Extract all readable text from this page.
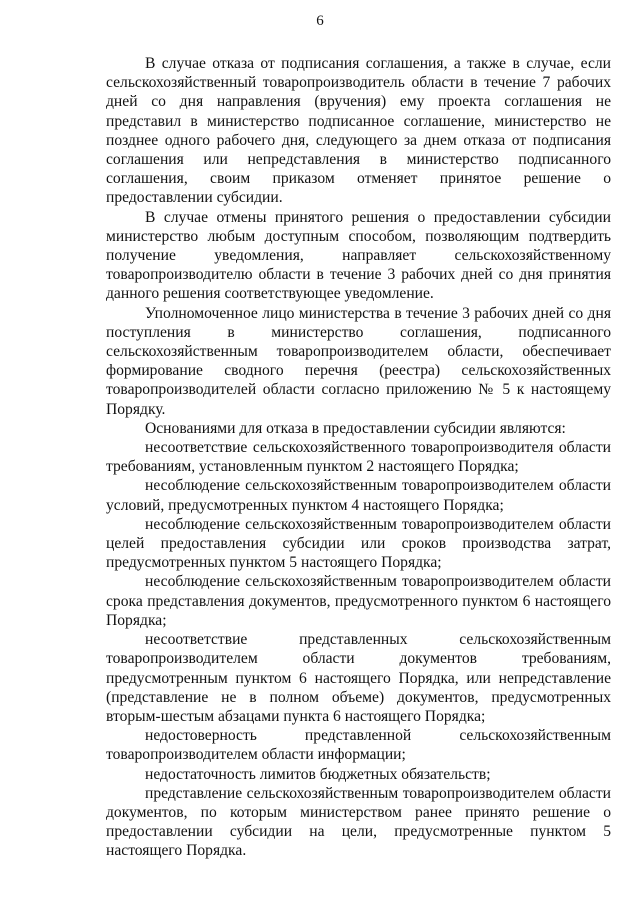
6

В случае отказа от подписания соглашения, а также в случае, если сельскохозяйственный товаропроизводитель области в течение 7 рабочих дней со дня направления (вручения) ему проекта соглашения не представил в министерство подписанное соглашение, министерство не позднее одного рабочего дня, следующего за днем отказа от подписания соглашения или непредставления в министерство подписанного соглашения, своим приказом отменяет принятое решение о предоставлении субсидии.

В случае отмены принятого решения о предоставлении субсидии министерство любым доступным способом, позволяющим подтвердить получение уведомления, направляет сельскохозяйственному товаропроизводителю области в течение 3 рабочих дней со дня принятия данного решения соответствующее уведомление.

Уполномоченное лицо министерства в течение 3 рабочих дней со дня поступления в министерство соглашения, подписанного сельскохозяйственным товаропроизводителем области, обеспечивает формирование сводного перечня (реестра) сельскохозяйственных товаропроизводителей области согласно приложению № 5 к настоящему Порядку.

Основаниями для отказа в предоставлении субсидии являются:

несоответствие сельскохозяйственного товаропроизводителя области требованиям, установленным пунктом 2 настоящего Порядка;

несоблюдение сельскохозяйственным товаропроизводителем области условий, предусмотренных пунктом 4 настоящего Порядка;

несоблюдение сельскохозяйственным товаропроизводителем области целей предоставления субсидии или сроков производства затрат, предусмотренных пунктом 5 настоящего Порядка;

несоблюдение сельскохозяйственным товаропроизводителем области срока представления документов, предусмотренного пунктом 6 настоящего Порядка;

несоответствие представленных сельскохозяйственным товаропроизводителем области документов требованиям, предусмотренным пунктом 6 настоящего Порядка, или непредставление (представление не в полном объеме) документов, предусмотренных вторым-шестым абзацами пункта 6 настоящего Порядка;

недостоверность представленной сельскохозяйственным товаропроизводителем области информации;

недостаточность лимитов бюджетных обязательств;

представление сельскохозяйственным товаропроизводителем области документов, по которым министерством ранее принято решение о предоставлении субсидии на цели, предусмотренные пунктом 5 настоящего Порядка.
